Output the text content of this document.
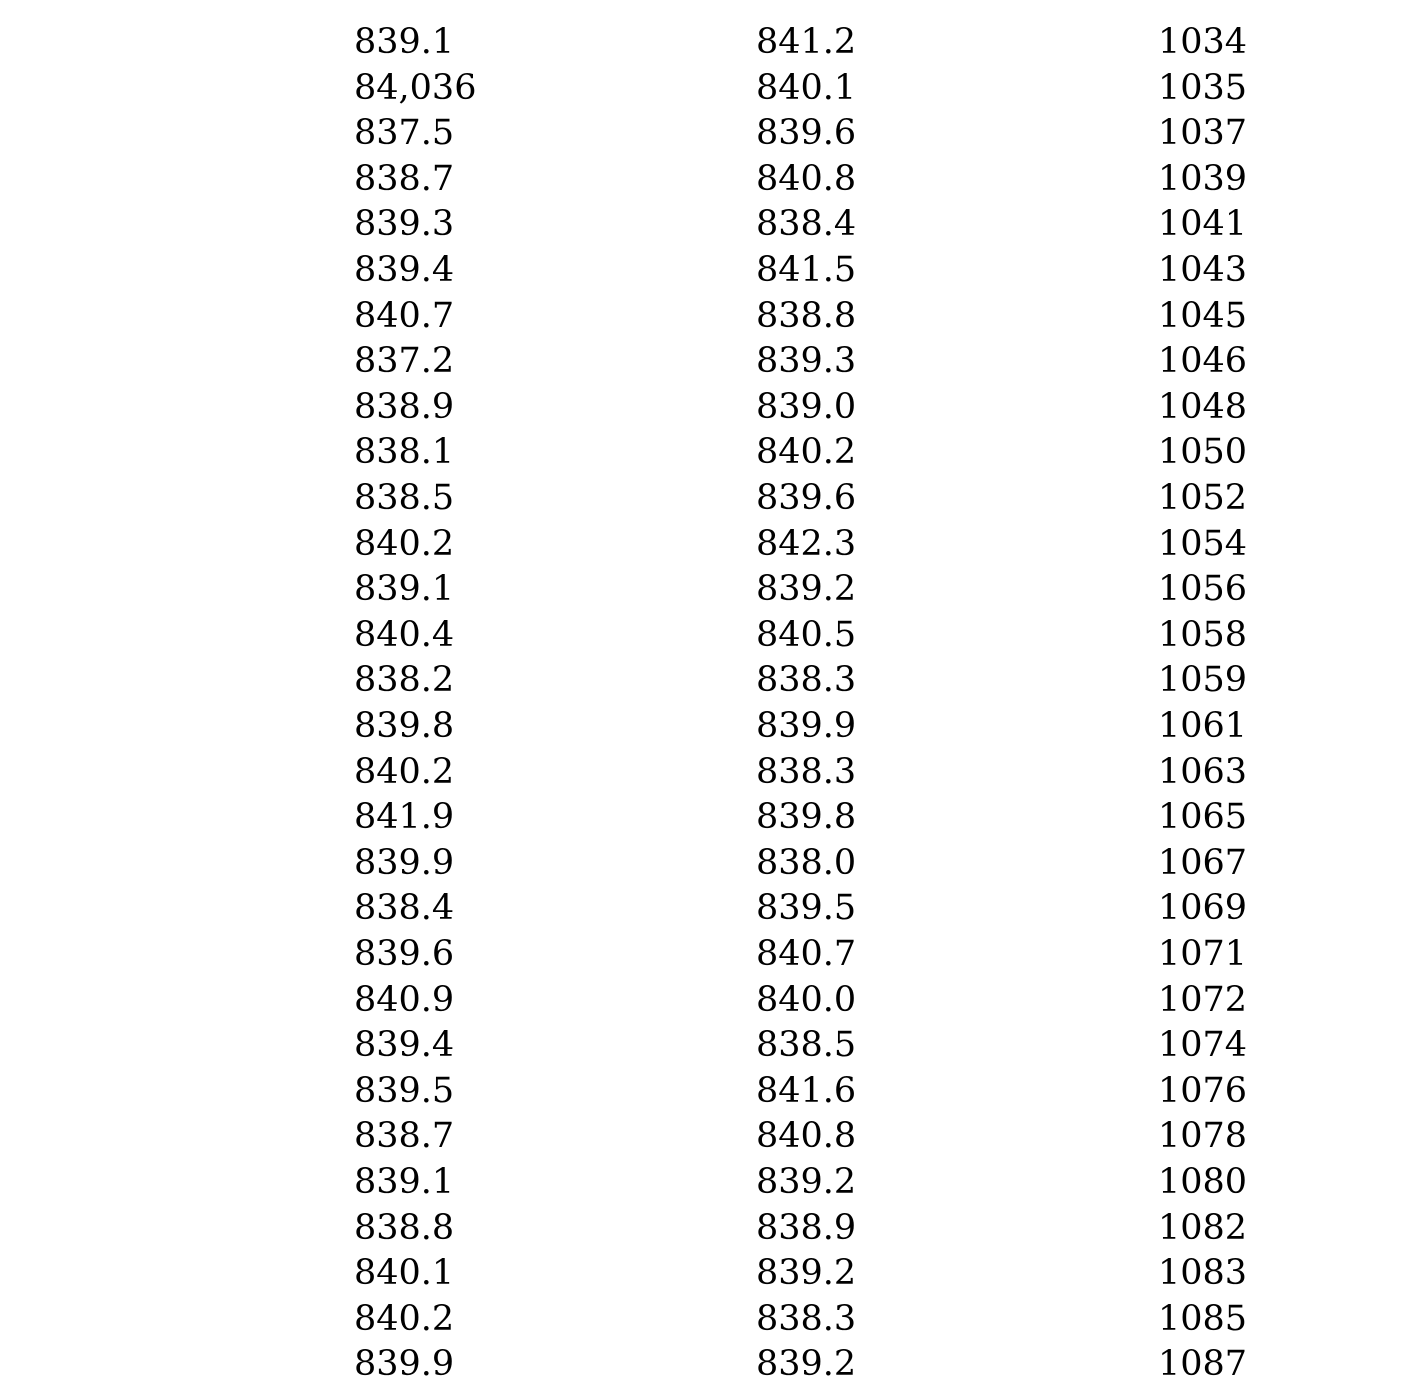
839.1	841.2	1034
84,036	840.1	1035
837.5	839.6	1037
838.7	840.8	1039
839.3	838.4	1041
839.4	841.5	1043
840.7	838.8	1045
837.2	839.3	1046
838.9	839.0	1048
838.1	840.2	1050
838.5	839.6	1052
840.2	842.3	1054
839.1	839.2	1056
840.4	840.5	1058
838.2	838.3	1059
839.8	839.9	1061
840.2	838.3	1063
841.9	839.8	1065
839.9	838.0	1067
838.4	839.5	1069
839.6	840.7	1071
840.9	840.0	1072
839.4	838.5	1074
839.5	841.6	1076
838.7	840.8	1078
839.1	839.2	1080
838.8	838.9	1082
840.1	839.2	1083
840.2	838.3	1085
839.9	839.2	1087
